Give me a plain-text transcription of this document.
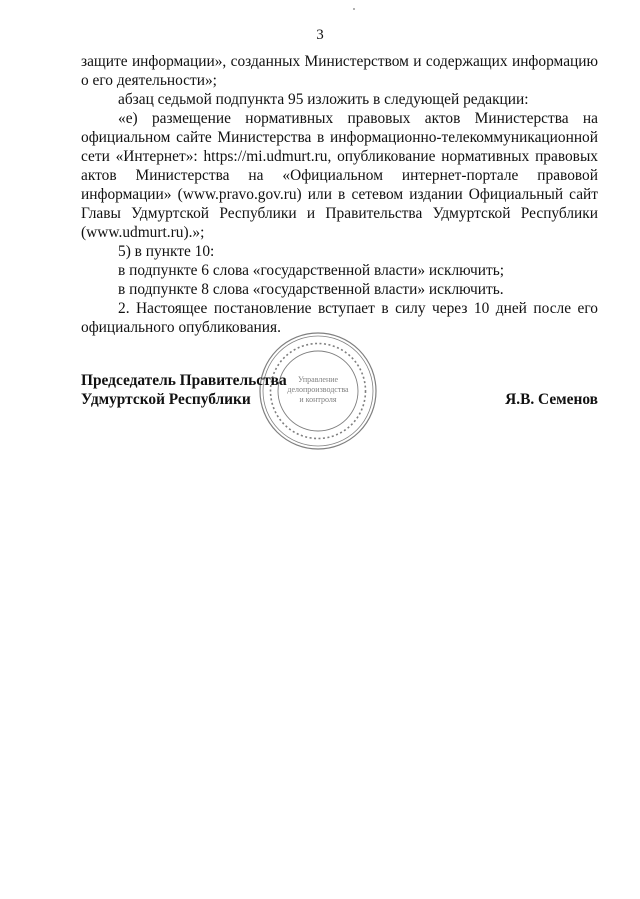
3

защите информации», созданных Министерством и содержащих информацию о его деятельности»;

абзац седьмой подпункта 95 изложить в следующей редакции:

«е) размещение нормативных правовых актов Министерства на официальном сайте Министерства в информационно-телекоммуникационной сети «Интернет»: https://mi.udmurt.ru, опубликование нормативных правовых актов Министерства на «Официальном интернет-портале правовой информации» (www.pravo.gov.ru) или в сетевом издании Официальный сайт Главы Удмуртской Республики и Правительства Удмуртской Республики (www.udmurt.ru).»;

5) в пункте 10:

в подпункте 6 слова «государственной власти» исключить;

в подпункте 8 слова «государственной власти» исключить.

2. Настоящее постановление вступает в силу через 10 дней после его официального опубликования.

Управление
делопроизводства
и контроля
Председатель Правительства
Удмуртской Республики	Я.В. Семенов
